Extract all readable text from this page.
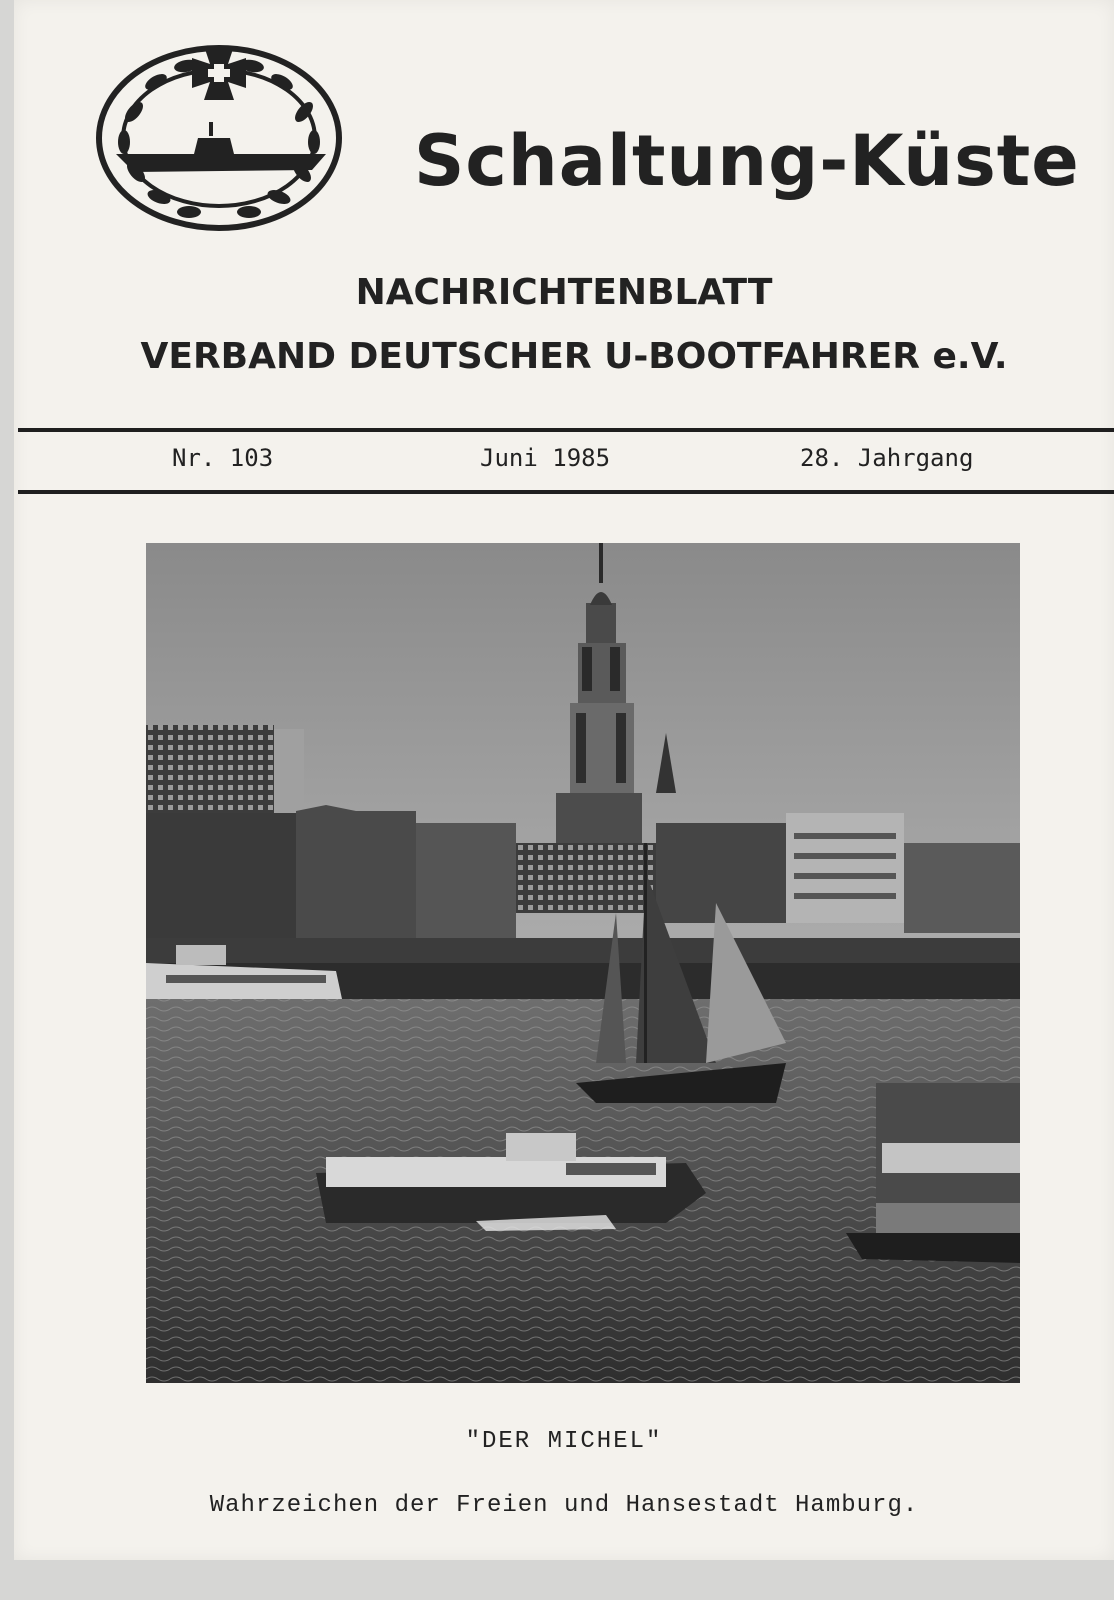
Schaltung-Küste
NACHRICHTENBLATT
VERBAND DEUTSCHER U-BOOTFAHRER e.V.
Nr. 103	Juni 1985	28. Jahrgang
"DER MICHEL"
Wahrzeichen der Freien und Hansestadt Hamburg.
